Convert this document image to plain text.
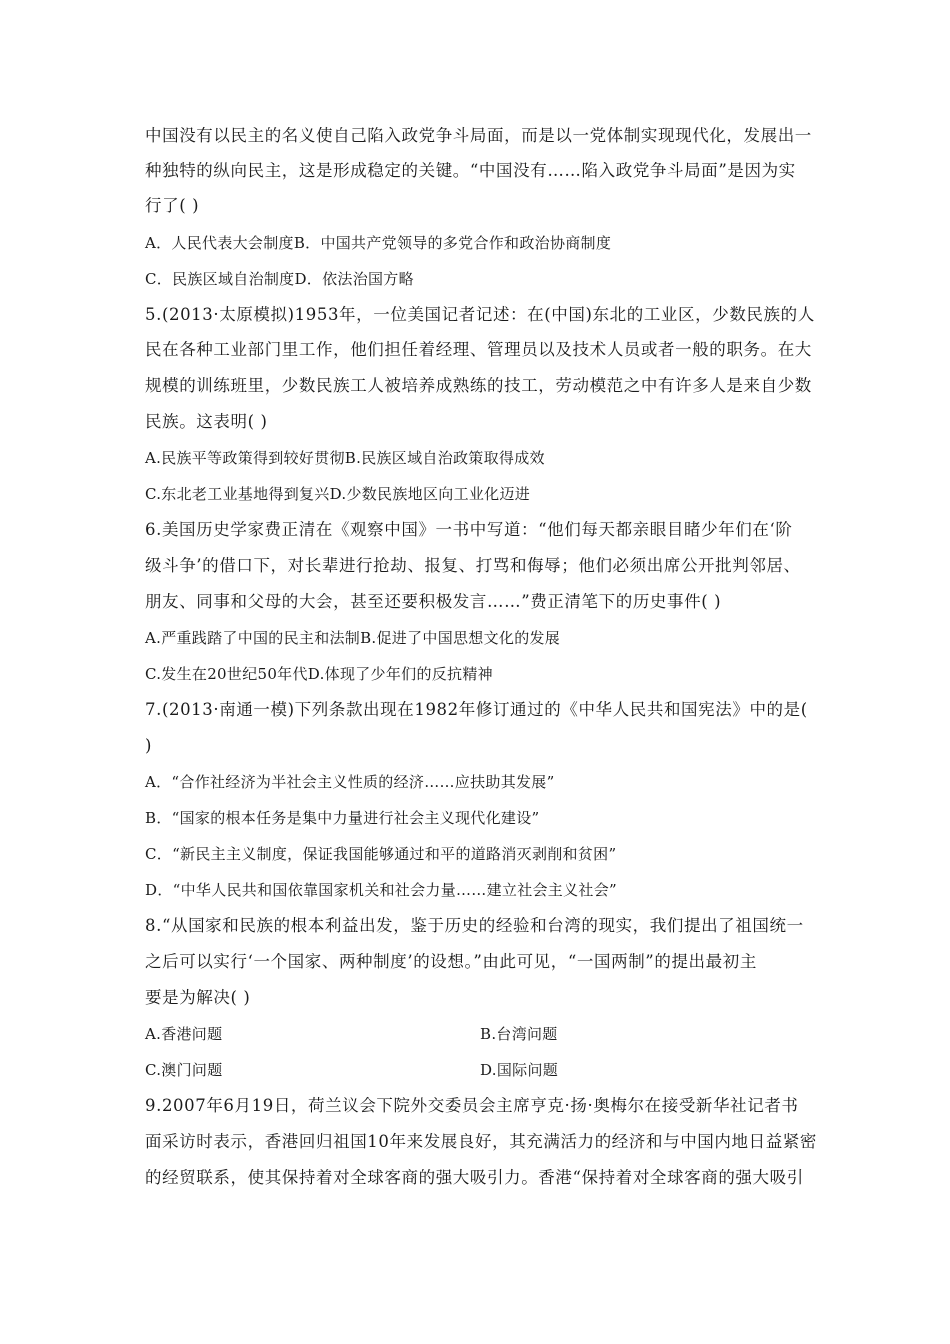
中国没有以民主的名义使自己陷入政党争斗局面，而是以一党体制实现现代化，发展出一
种独特的纵向民主，这是形成稳定的关键。“中国没有……陷入政党争斗局面”是因为实
行了( )
A．人民代表大会制度B．中国共产党领导的多党合作和政治协商制度
C．民族区域自治制度D．依法治国方略
5.(2013·太原模拟)1953年，一位美国记者记述：在(中国)东北的工业区，少数民族的人
民在各种工业部门里工作，他们担任着经理、管理员以及技术人员或者一般的职务。在大
规模的训练班里，少数民族工人被培养成熟练的技工，劳动模范之中有许多人是来自少数
民族。这表明( )
A.民族平等政策得到较好贯彻B.民族区域自治政策取得成效
C.东北老工业基地得到复兴D.少数民族地区向工业化迈进
6.美国历史学家费正清在《观察中国》一书中写道：“他们每天都亲眼目睹少年们在‘阶
级斗争’的借口下，对长辈进行抢劫、报复、打骂和侮辱；他们必须出席公开批判邻居、
朋友、同事和父母的大会，甚至还要积极发言……”费正清笔下的历史事件( )
A.严重践踏了中国的民主和法制B.促进了中国思想文化的发展
C.发生在20世纪50年代D.体现了少年们的反抗精神
7.(2013·南通一模)下列条款出现在1982年修订通过的《中华人民共和国宪法》中的是(
)
A．“合作社经济为半社会主义性质的经济……应扶助其发展”
B．“国家的根本任务是集中力量进行社会主义现代化建设”
C．“新民主主义制度，保证我国能够通过和平的道路消灭剥削和贫困”
D．“中华人民共和国依靠国家机关和社会力量……建立社会主义社会”
8.“从国家和民族的根本利益出发，鉴于历史的经验和台湾的现实，我们提出了祖国统一
之后可以实行‘一个国家、两种制度’的设想。”由此可见，“一国两制”的提出最初主
要是为解决( )
A.香港问题	B.台湾问题
C.澳门问题	D.国际问题
9.2007年6月19日，荷兰议会下院外交委员会主席亨克·扬·奥梅尔在接受新华社记者书
面采访时表示，香港回归祖国10年来发展良好，其充满活力的经济和与中国内地日益紧密
的经贸联系，使其保持着对全球客商的强大吸引力。香港“保持着对全球客商的强大吸引
